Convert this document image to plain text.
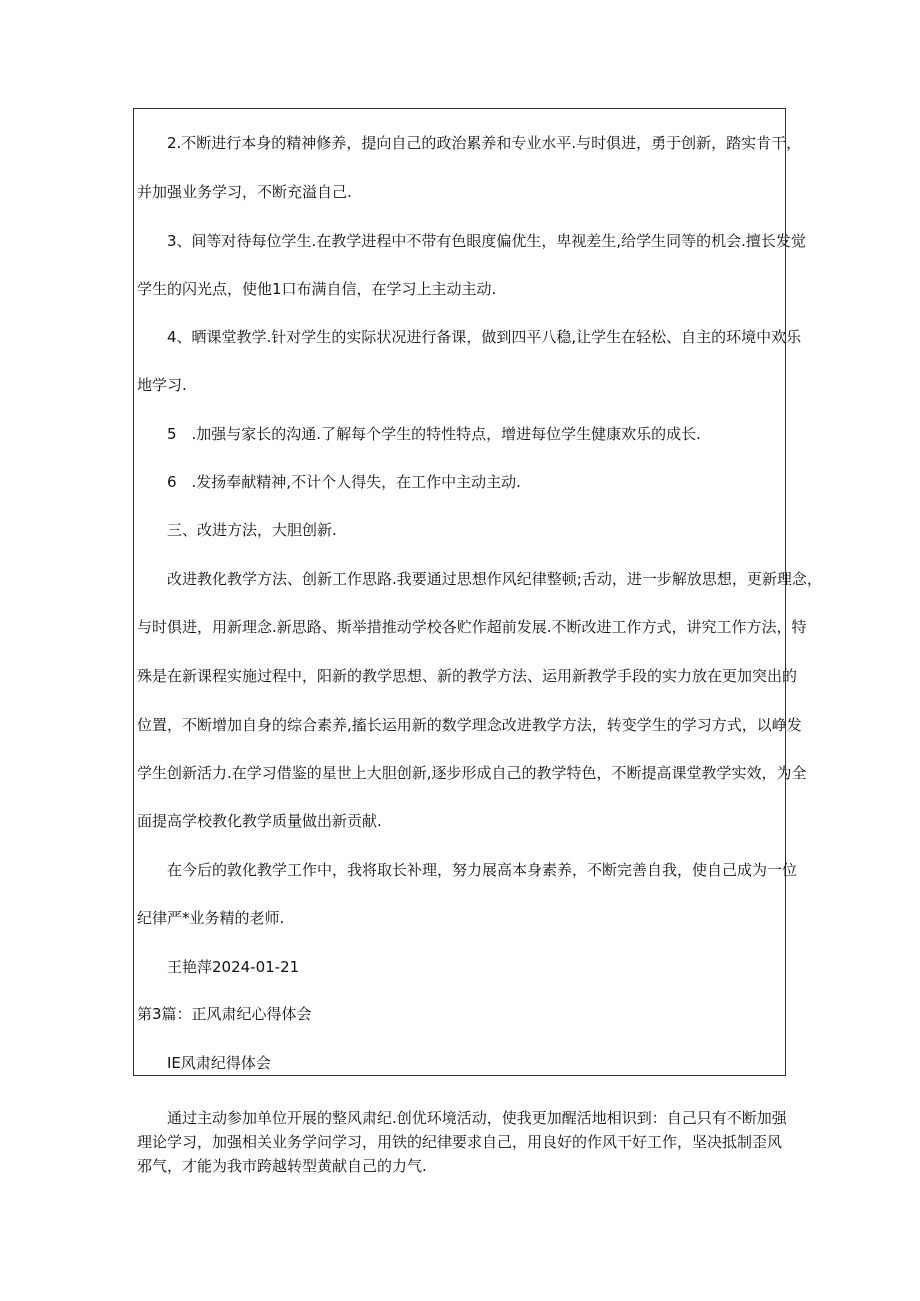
2.不断进行本身的精神修养，提向自己的政治累养和专业水平.与时俱进，勇于创新，踏实肯干，
并加强业务学习，不断充溢自己.
3、间等对待每位学生.在教学进程中不带有色眼度偏优生，卑视差生,给学生同等的机会.擅长发觉
学生的闪光点，使他1口布满自信，在学习上主动主动.
4、晒课堂教学.针对学生的实际状况进行备课，做到四平八稳,让学生在轻松、自主的环境中欢乐
地学习.
5　.加强与家长的沟通.了解每个学生的特性特点，增进每位学生健康欢乐的成长.
6　.发扬奉献精神,不计个人得失，在工作中主动主动.
三、改进方法，大胆创新.
改进教化教学方法、创新工作思路.我要通过思想作风纪律整顿;舌动，进一步解放思想，更新理念，
与时俱进，用新理念.新思路、斯举措推动学校各贮作超前发展.不断改进工作方式，讲究工作方法，特
殊是在新课程实施过程中，阳新的教学思想、新的教学方法、运用新教学手段的实力放在更加突出的
位置，不断增加自身的综合素养,搐长运用新的数学理念改进教学方法，转变学生的学习方式，以峥发
学生创新活力.在学习借鉴的星世上大胆创新,逐步形成自己的教学特色，不断提高课堂教学实效，为全
面提高学校教化教学质量做出新贡献.
在今后的敦化教学工作中，我将取长补理，努力展高本身素养，不断完善自我，使自己成为一位
纪律严*业务精的老师.
王艳萍2024-01-21
第3篇：正风肃纪心得体会
IE风肃纪得体会

通过主动参加单位开展的整风肃纪.创优环境活动，使我更加醒活地相识到：自己只有不断加强理论学习，加强相关业务学问学习，用铁的纪律要求自己，用良好的作风干好工作，坚决抵制歪风邪气，才能为我市跨越转型黄献自己的力气.
